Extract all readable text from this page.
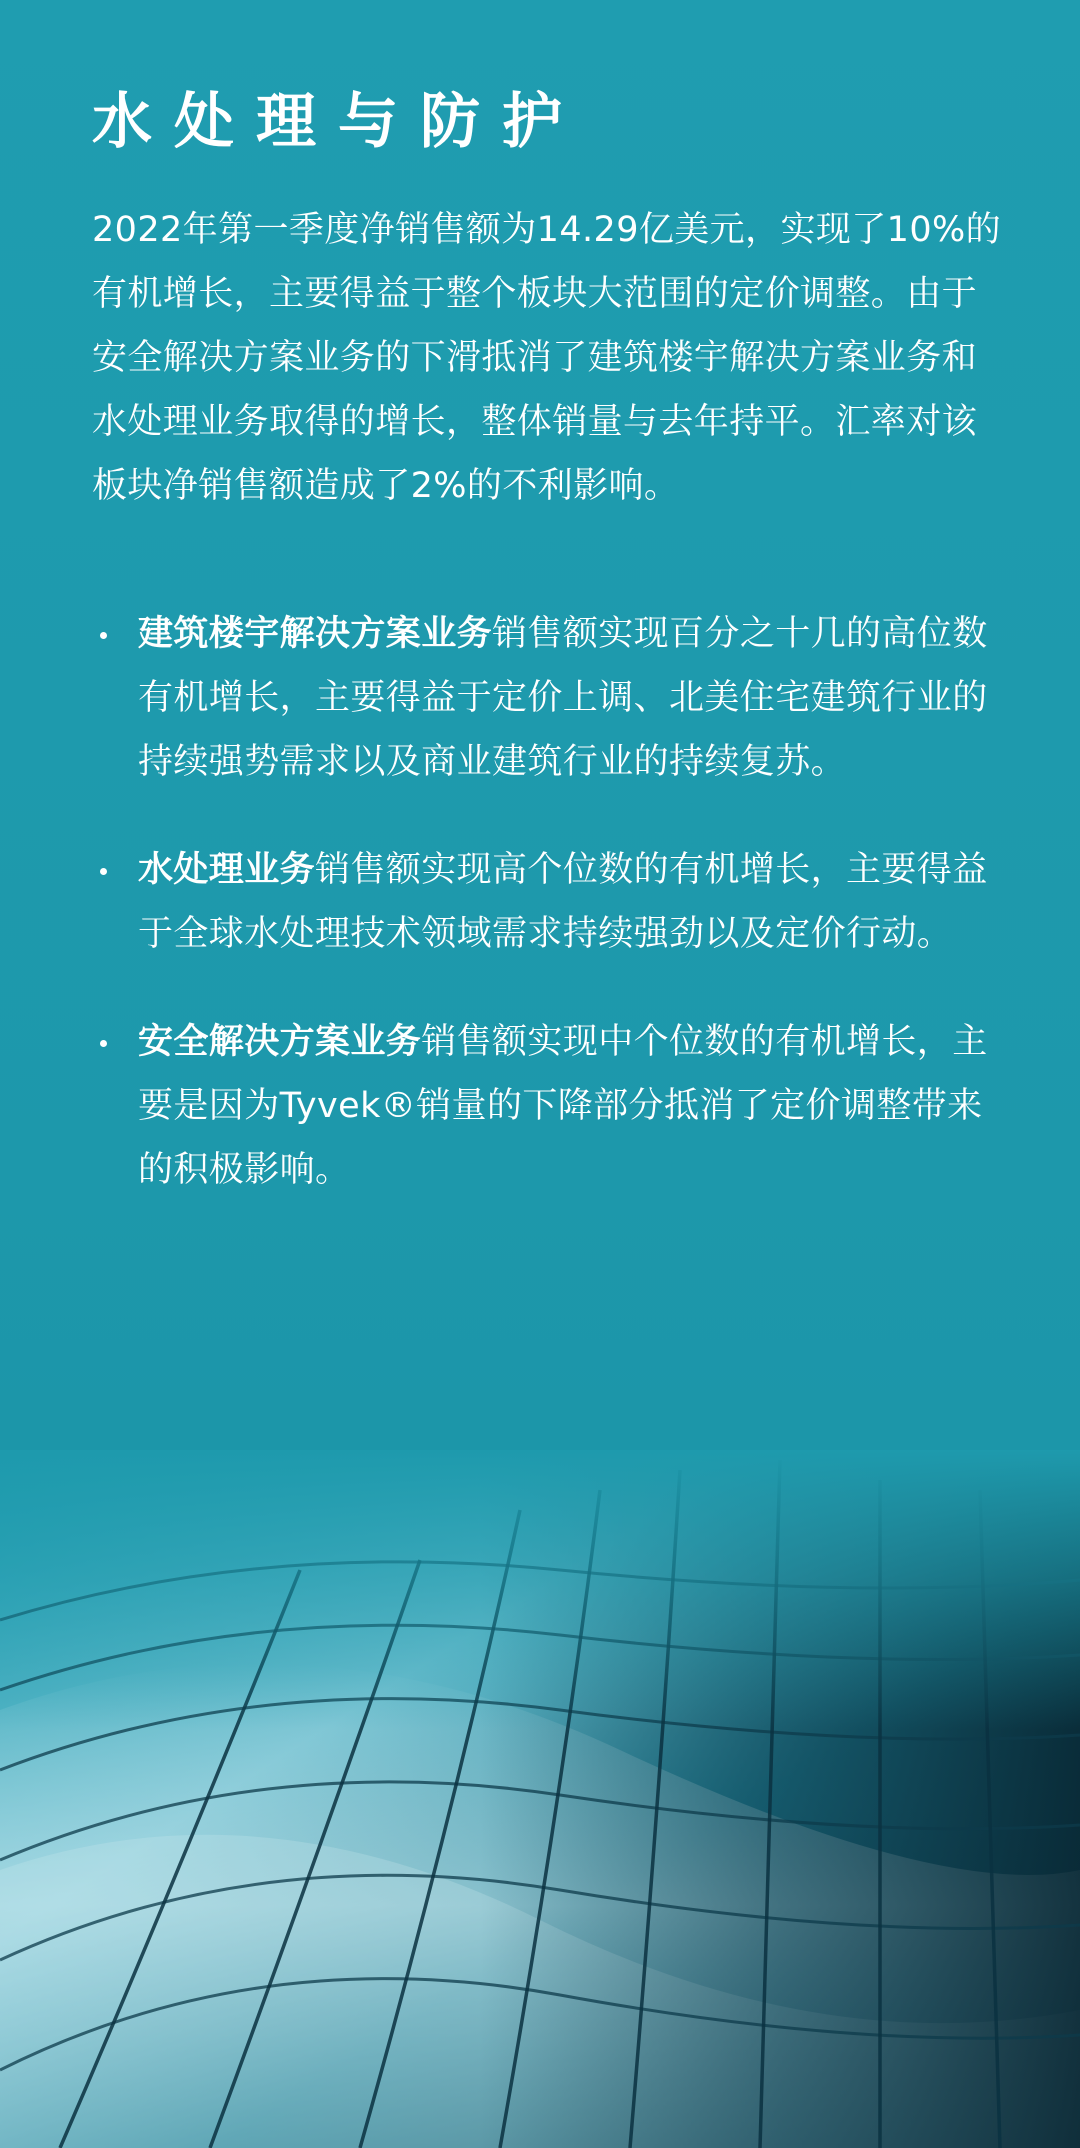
水处理与防护

2022年第一季度净销售额为14.29亿美元，实现了10%的有机增长，主要得益于整个板块大范围的定价调整。由于安全解决方案业务的下滑抵消了建筑楼宇解决方案业务和水处理业务取得的增长，整体销量与去年持平。汇率对该板块净销售额造成了2%的不利影响。

建筑楼宇解决方案业务销售额实现百分之十几的高位数有机增长，主要得益于定价上调、北美住宅建筑行业的持续强势需求以及商业建筑行业的持续复苏。
水处理业务销售额实现高个位数的有机增长，主要得益于全球水处理技术领域需求持续强劲以及定价行动。
安全解决方案业务销售额实现中个位数的有机增长，主要是因为Tyvek®销量的下降部分抵消了定价调整带来的积极影响。
